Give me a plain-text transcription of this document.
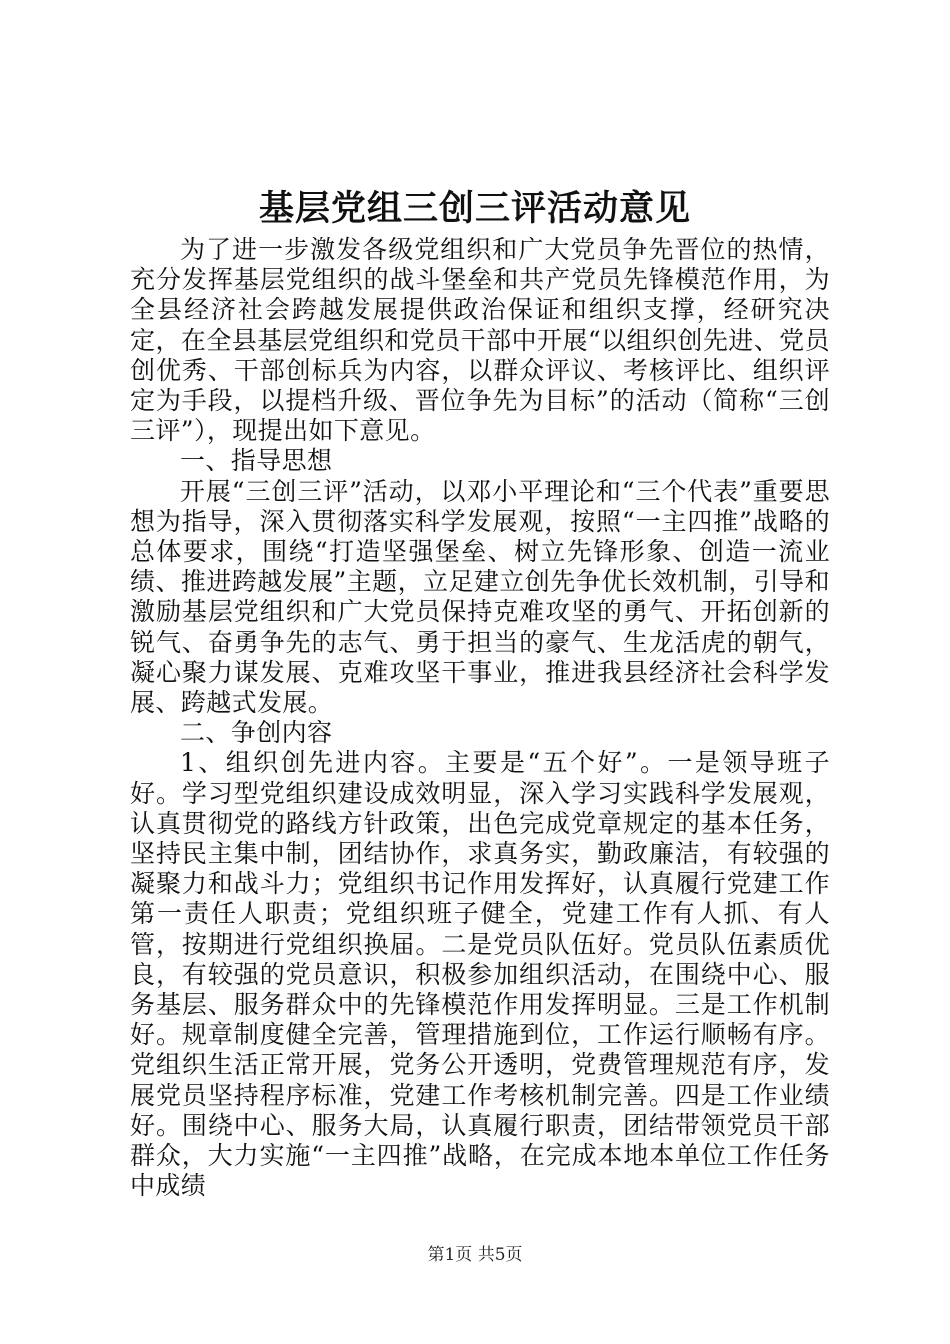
基层党组三创三评活动意见

为了进一步激发各级党组织和广大党员争先晋位的热情，充分发挥基层党组织的战斗堡垒和共产党员先锋模范作用，为全县经济社会跨越发展提供政治保证和组织支撑，经研究决定，在全县基层党组织和党员干部中开展“以组织创先进、党员创优秀、干部创标兵为内容，以群众评议、考核评比、组织评定为手段，以提档升级、晋位争先为目标”的活动（简称“三创三评”），现提出如下意见。

一、指导思想

开展“三创三评”活动，以邓小平理论和“三个代表”重要思想为指导，深入贯彻落实科学发展观，按照“一主四推”战略的总体要求，围绕“打造坚强堡垒、树立先锋形象、创造一流业绩、推进跨越发展”主题，立足建立创先争优长效机制，引导和激励基层党组织和广大党员保持克难攻坚的勇气、开拓创新的锐气、奋勇争先的志气、勇于担当的豪气、生龙活虎的朝气，凝心聚力谋发展、克难攻坚干事业，推进我县经济社会科学发展、跨越式发展。

二、争创内容

1、组织创先进内容。主要是“五个好”。一是领导班子好。学习型党组织建设成效明显，深入学习实践科学发展观，认真贯彻党的路线方针政策，出色完成党章规定的基本任务，坚持民主集中制，团结协作，求真务实，勤政廉洁，有较强的凝聚力和战斗力；党组织书记作用发挥好，认真履行党建工作第一责任人职责；党组织班子健全，党建工作有人抓、有人管，按期进行党组织换届。二是党员队伍好。党员队伍素质优良，有较强的党员意识，积极参加组织活动，在围绕中心、服务基层、服务群众中的先锋模范作用发挥明显。三是工作机制好。规章制度健全完善，管理措施到位，工作运行顺畅有序。党组织生活正常开展，党务公开透明，党费管理规范有序，发展党员坚持程序标准，党建工作考核机制完善。四是工作业绩好。围绕中心、服务大局，认真履行职责，团结带领党员干部群众，大力实施“一主四推”战略，在完成本地本单位工作任务中成绩

第1页 共5页
